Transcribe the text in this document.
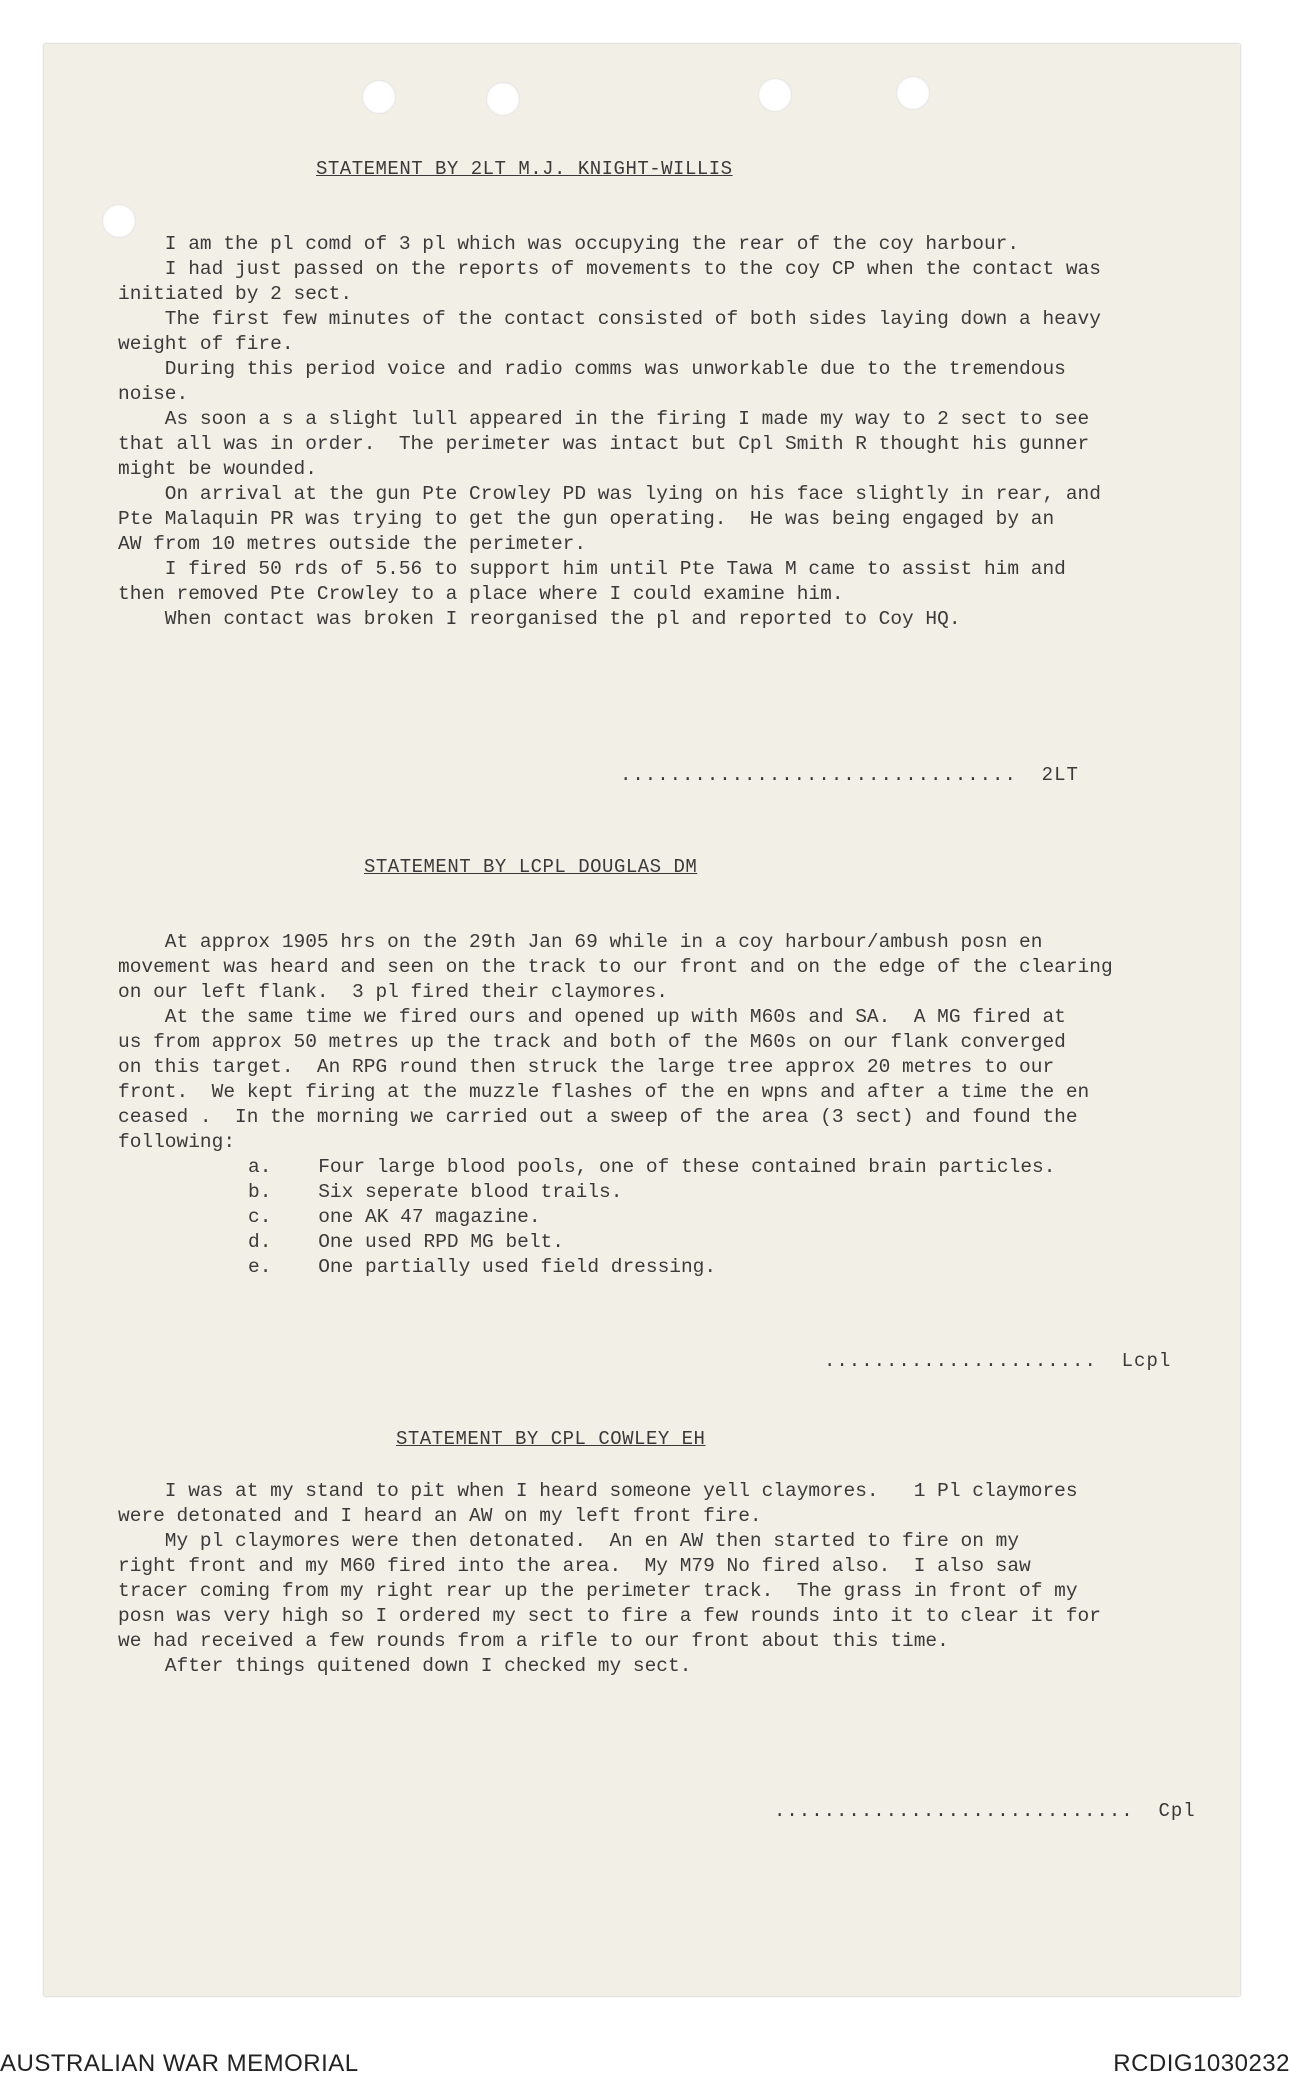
STATEMENT BY 2LT M.J. KNIGHT-WILLIS
I am the pl comd of 3 pl which was occupying the rear of the coy harbour.
I had just passed on the reports of movements to the coy CP when the contact was
initiated by 2 sect.
The first few minutes of the contact consisted of both sides laying down a heavy
weight of fire.
During this period voice and radio comms was unworkable due to the tremendous
noise.
As soon a s a slight lull appeared in the firing I made my way to 2 sect to see
that all was in order.  The perimeter was intact but Cpl Smith R thought his gunner
might be wounded.
On arrival at the gun Pte Crowley PD was lying on his face slightly in rear, and
Pte Malaquin PR was trying to get the gun operating.  He was being engaged by an
AW from 10 metres outside the perimeter.
I fired 50 rds of 5.56 to support him until Pte Tawa M came to assist him and
then removed Pte Crowley to a place where I could examine him.
When contact was broken I reorganised the pl and reported to Coy HQ.
................................  2LT
STATEMENT BY LCPL DOUGLAS DM
At approx 1905 hrs on the 29th Jan 69 while in a coy harbour/ambush posn en
movement was heard and seen on the track to our front and on the edge of the clearing
on our left flank.  3 pl fired their claymores.
At the same time we fired ours and opened up with M60s and SA.  A MG fired at
us from approx 50 metres up the track and both of the M60s on our flank converged
on this target.  An RPG round then struck the large tree approx 20 metres to our
front.  We kept firing at the muzzle flashes of the en wpns and after a time the en
ceased .  In the morning we carried out a sweep of the area (3 sect) and found the
following:
a.    Four large blood pools, one of these contained brain particles.
b.    Six seperate blood trails.
c.    one AK 47 magazine.
d.    One used RPD MG belt.
e.    One partially used field dressing.
......................  Lcpl
STATEMENT BY CPL COWLEY EH
I was at my stand to pit when I heard someone yell claymores.   1 Pl claymores
were detonated and I heard an AW on my left front fire.
My pl claymores were then detonated.  An en AW then started to fire on my
right front and my M60 fired into the area.  My M79 No fired also.  I also saw
tracer coming from my right rear up the perimeter track.  The grass in front of my
posn was very high so I ordered my sect to fire a few rounds into it to clear it for
we had received a few rounds from a rifle to our front about this time.
After things quitened down I checked my sect.
.............................  Cpl
AUSTRALIAN WAR MEMORIAL	RCDIG1030232
